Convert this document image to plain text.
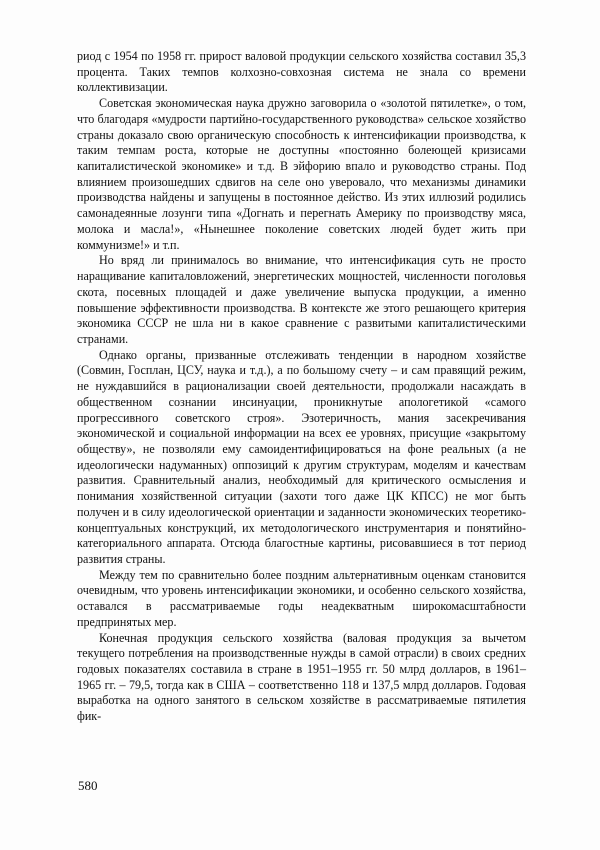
риод с 1954 по 1958 гг. прирост валовой продукции сельского хозяйства составил 35,3 процента. Таких темпов колхозно-совхозная система не знала со времени коллективизации.

Советская экономическая наука дружно заговорила о «золотой пятилетке», о том, что благодаря «мудрости партийно-государственного руководства» сельское хозяйство страны доказало свою органическую способность к интенсификации производства, к таким темпам роста, которые не доступны «постоянно болеющей кризисами капиталистической экономике» и т.д. В эйфорию впало и руководство страны. Под влиянием произошедших сдвигов на селе оно уверовало, что механизмы динамики производства найдены и запущены в постоянное действо. Из этих иллюзий родились самонадеянные лозунги типа «Догнать и перегнать Америку по производству мяса, молока и масла!», «Нынешнее поколение советских людей будет жить при коммунизме!» и т.п.

Но вряд ли принималось во внимание, что интенсификация суть не просто наращивание капиталовложений, энергетических мощностей, численности поголовья скота, посевных площадей и даже увеличение выпуска продукции, а именно повышение эффективности производства. В контексте же этого решающего критерия экономика СССР не шла ни в какое сравнение с развитыми капиталистическими странами.

Однако органы, призванные отслеживать тенденции в народном хозяйстве (Совмин, Госплан, ЦСУ, наука и т.д.), а по большому счету – и сам правящий режим, не нуждавшийся в рационализации своей деятельности, продолжали насаждать в общественном сознании инсинуации, проникнутые апологетикой «самого прогрессивного советского строя». Эзотеричность, мания засекречивания экономической и социальной информации на всех ее уровнях, присущие «закрытому обществу», не позволяли ему самоидентифицироваться на фоне реальных (а не идеологически надуманных) оппозиций к другим структурам, моделям и качествам развития. Сравнительный анализ, необходимый для критического осмысления и понимания хозяйственной ситуации (захоти того даже ЦК КПСС) не мог быть получен и в силу идеологической ориентации и заданности экономических теоретико-концептуальных конструкций, их методологического инструментария и понятийно-категориального аппарата. Отсюда благостные картины, рисовавшиеся в тот период развития страны.

Между тем по сравнительно более поздним альтернативным оценкам становится очевидным, что уровень интенсификации экономики, и особенно сельского хозяйства, оставался в рассматриваемые годы неадекватным широкомасштабности предпринятых мер.

Конечная продукция сельского хозяйства (валовая продукция за вычетом текущего потребления на производственные нужды в самой отрасли) в своих средних годовых показателях составила в стране в 1951–1955 гг. 50 млрд долларов, в 1961–1965 гг. – 79,5, тогда как в США – соответственно 118 и 137,5 млрд долларов. Годовая выработка на одного занятого в сельском хозяйстве в рассматриваемые пятилетия фик-

580
